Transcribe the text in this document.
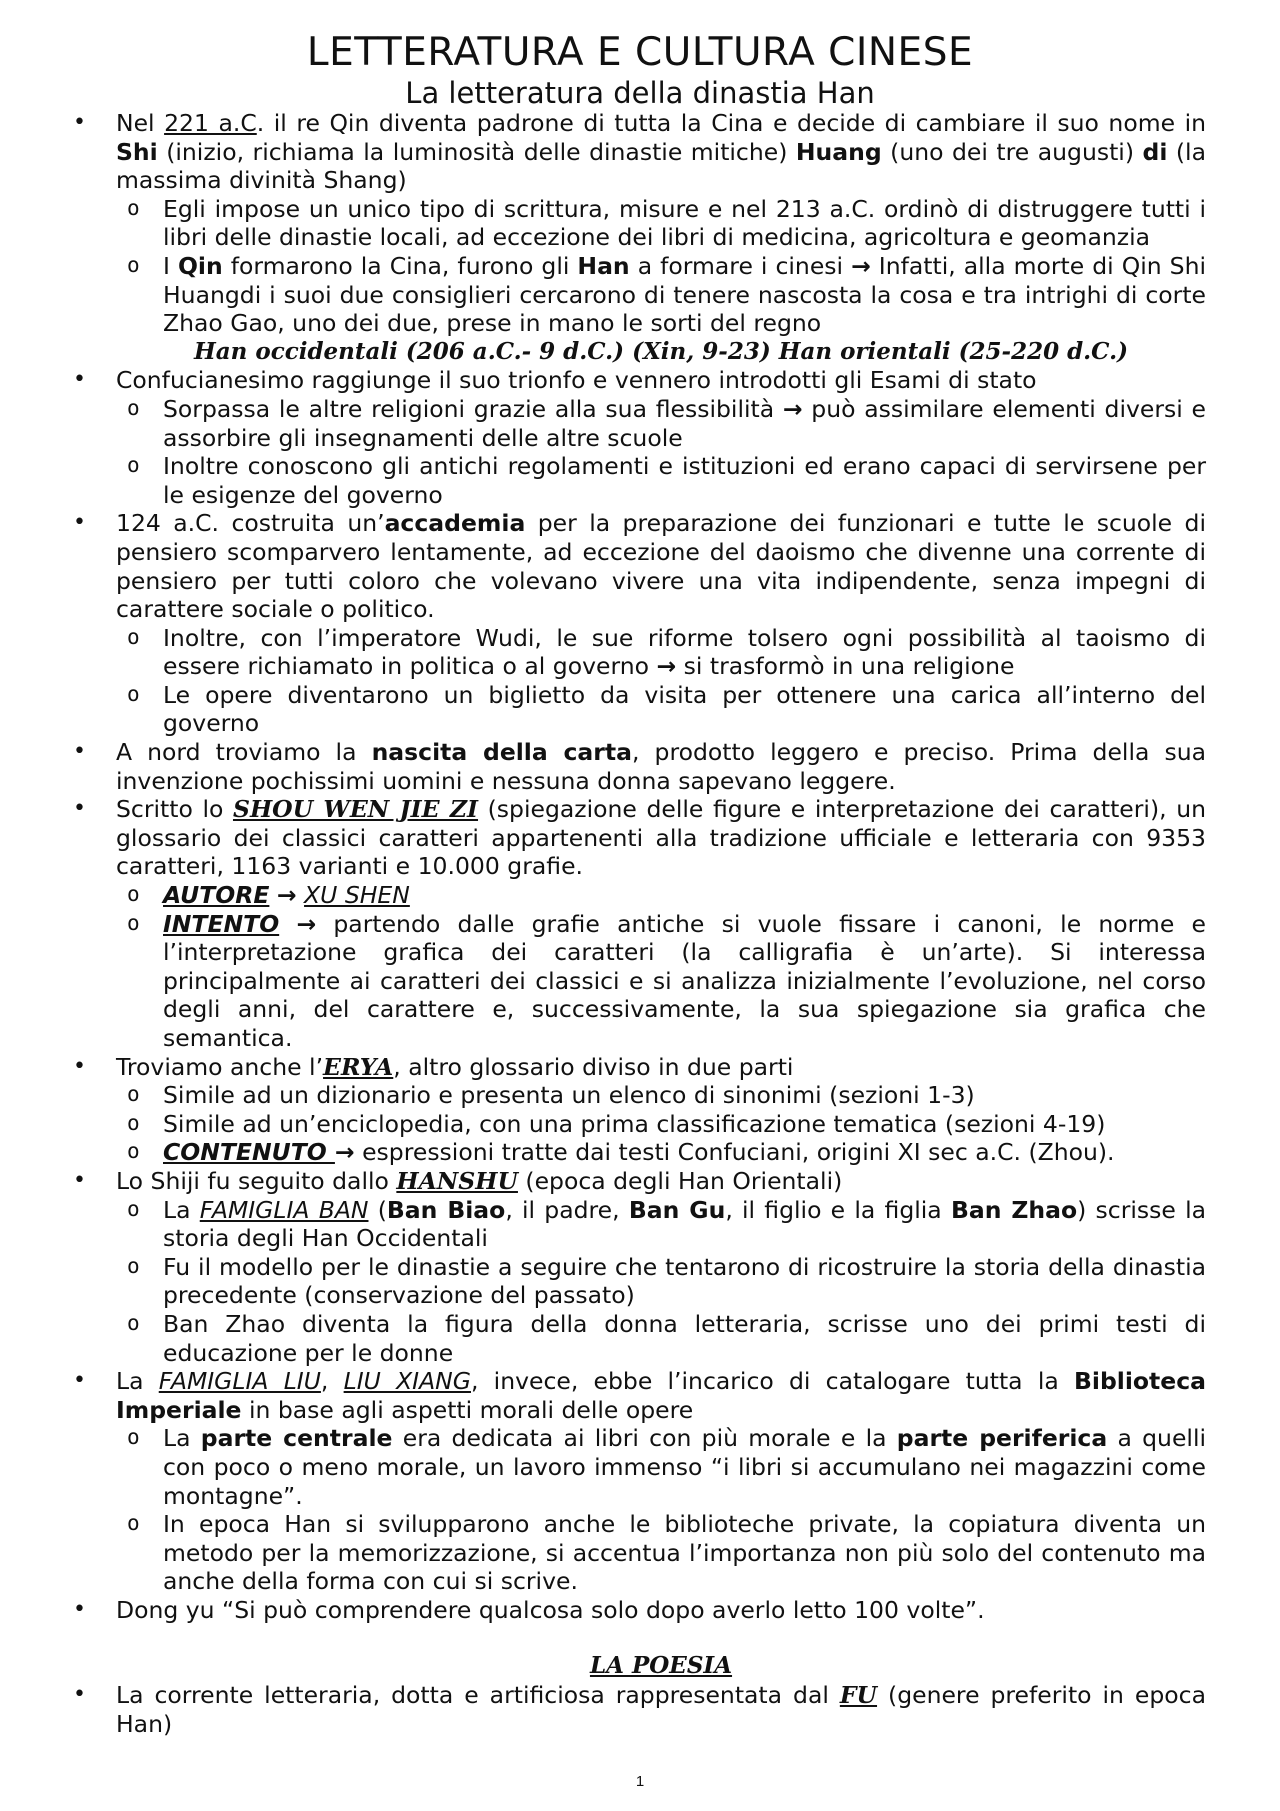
LETTERATURA E CULTURA CINESE
La letteratura della dinastia Han
• Nel 221 a.C. il re Qin diventa padrone di tutta la Cina e decide di cambiare il suo nome in Shi (inizio, richiama la luminosità delle dinastie mitiche) Huang (uno dei tre augusti) di (la massima divinità Shang)
o Egli impose un unico tipo di scrittura, misure e nel 213 a.C. ordinò di distruggere tutti i libri delle dinastie locali, ad eccezione dei libri di medicina, agricoltura e geomanzia
o I Qin formarono la Cina, furono gli Han a formare i cinesi → Infatti, alla morte di Qin Shi Huangdi i suoi due consiglieri cercarono di tenere nascosta la cosa e tra intrighi di corte Zhao Gao, uno dei due, prese in mano le sorti del regno
Han occidentali (206 a.C.- 9 d.C.) (Xin, 9-23) Han orientali (25-220 d.C.)
• Confucianesimo raggiunge il suo trionfo e vennero introdotti gli Esami di stato
o Sorpassa le altre religioni grazie alla sua flessibilità → può assimilare elementi diversi e assorbire gli insegnamenti delle altre scuole
o Inoltre conoscono gli antichi regolamenti e istituzioni ed erano capaci di servirsene per le esigenze del governo
• 124 a.C. costruita un’accademia per la preparazione dei funzionari e tutte le scuole di pensiero scomparvero lentamente, ad eccezione del daoismo che divenne una corrente di pensiero per tutti coloro che volevano vivere una vita indipendente, senza impegni di carattere sociale o politico.
o Inoltre, con l’imperatore Wudi, le sue riforme tolsero ogni possibilità al taoismo di essere richiamato in politica o al governo → si trasformò in una religione
o Le opere diventarono un biglietto da visita per ottenere una carica all’interno del governo
• A nord troviamo la nascita della carta, prodotto leggero e preciso. Prima della sua invenzione pochissimi uomini e nessuna donna sapevano leggere.
• Scritto lo SHOU WEN JIE ZI (spiegazione delle figure e interpretazione dei caratteri), un glossario dei classici caratteri appartenenti alla tradizione ufficiale e letteraria con 9353 caratteri, 1163 varianti e 10.000 grafie.
o AUTORE → XU SHEN
o INTENTO → partendo dalle grafie antiche si vuole fissare i canoni, le norme e l’interpretazione grafica dei caratteri (la calligrafia è un’arte). Si interessa principalmente ai caratteri dei classici e si analizza inizialmente l’evoluzione, nel corso degli anni, del carattere e, successivamente, la sua spiegazione sia grafica che semantica.
• Troviamo anche l’ERYA, altro glossario diviso in due parti
o Simile ad un dizionario e presenta un elenco di sinonimi (sezioni 1-3)
o Simile ad un’enciclopedia, con una prima classificazione tematica (sezioni 4-19)
o CONTENUTO → espressioni tratte dai testi Confuciani, origini XI sec a.C. (Zhou).
• Lo Shiji fu seguito dallo HANSHU (epoca degli Han Orientali)
o La FAMIGLIA BAN (Ban Biao, il padre, Ban Gu, il figlio e la figlia Ban Zhao) scrisse la storia degli Han Occidentali
o Fu il modello per le dinastie a seguire che tentarono di ricostruire la storia della dinastia precedente (conservazione del passato)
o Ban Zhao diventa la figura della donna letteraria, scrisse uno dei primi testi di educazione per le donne
• La FAMIGLIA LIU, LIU XIANG, invece, ebbe l’incarico di catalogare tutta la Biblioteca Imperiale in base agli aspetti morali delle opere
o La parte centrale era dedicata ai libri con più morale e la parte periferica a quelli con poco o meno morale, un lavoro immenso “i libri si accumulano nei magazzini come montagne”.
o In epoca Han si svilupparono anche le biblioteche private, la copiatura diventa un metodo per la memorizzazione, si accentua l’importanza non più solo del contenuto ma anche della forma con cui si scrive.
• Dong yu “Si può comprendere qualcosa solo dopo averlo letto 100 volte”.
LA POESIA
• La corrente letteraria, dotta e artificiosa rappresentata dal FU (genere preferito in epoca Han)
1
